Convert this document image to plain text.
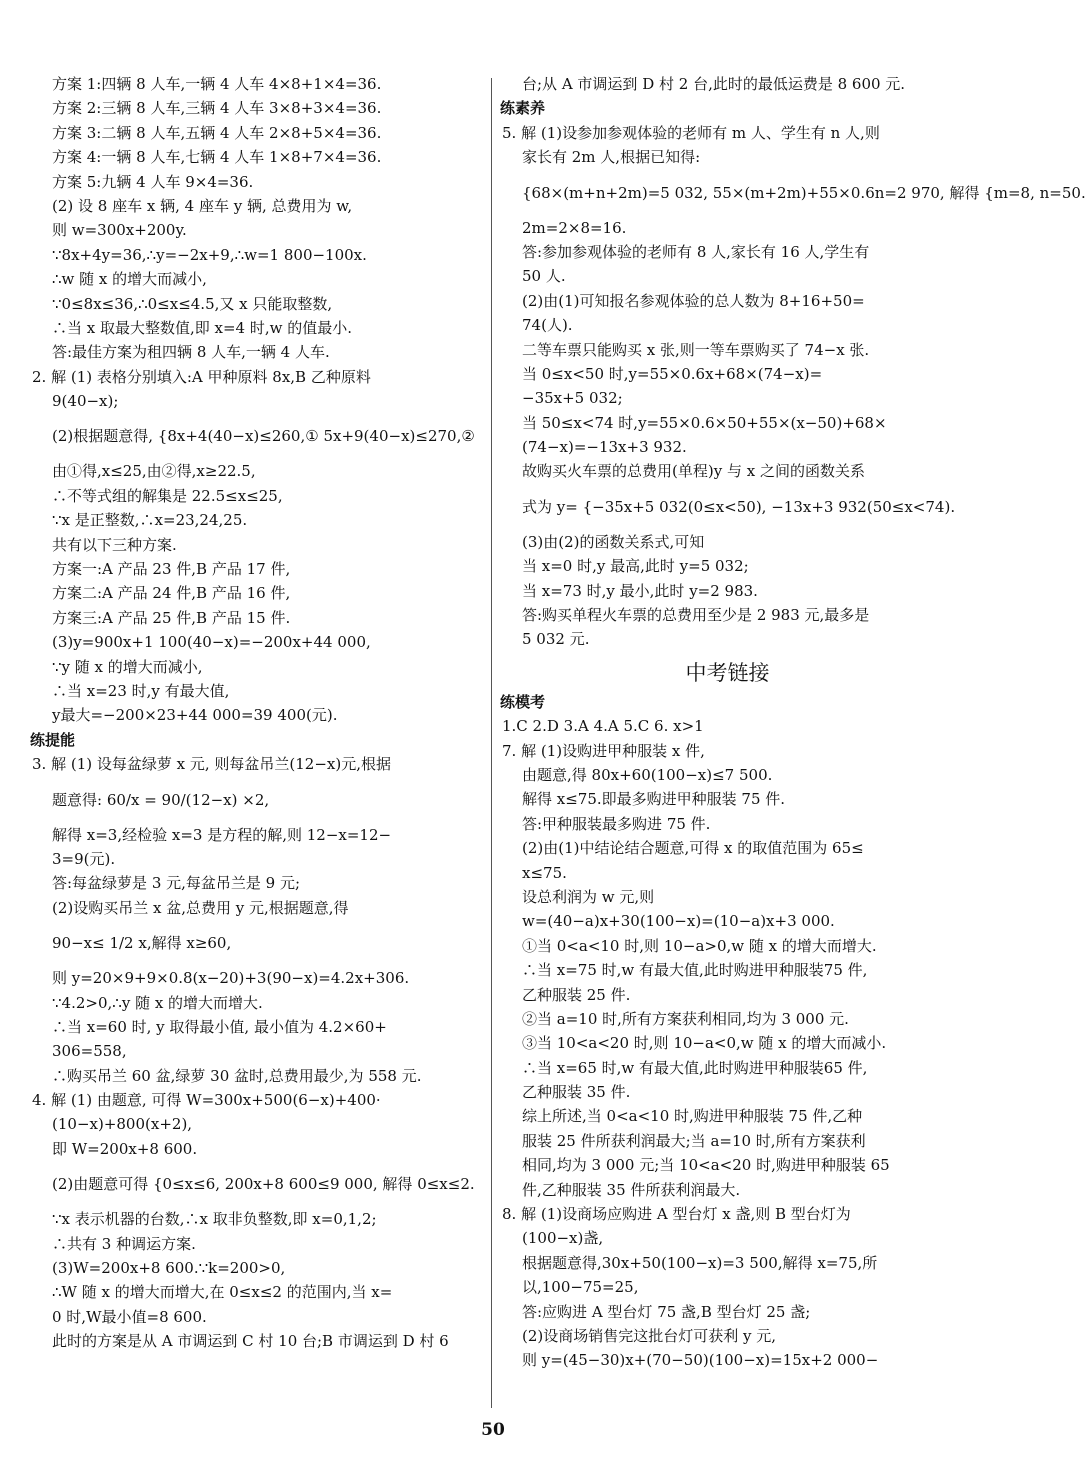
方案 1:四辆 8 人车,一辆 4 人车 4×8+1×4=36.
方案 2:三辆 8 人车,三辆 4 人车 3×8+3×4=36.
方案 3:二辆 8 人车,五辆 4 人车 2×8+5×4=36.
方案 4:一辆 8 人车,七辆 4 人车 1×8+7×4=36.
方案 5:九辆 4 人车 9×4=36.
(2) 设 8 座车 x 辆, 4 座车 y 辆, 总费用为 w,
则 w=300x+200y.
∵8x+4y=36,∴y=−2x+9,∴w=1 800−100x.
∴w 随 x 的增大而减小,
∵0≤8x≤36,∴0≤x≤4.5,又 x 只能取整数,
∴当 x 取最大整数值,即 x=4 时,w 的值最小.
答:最佳方案为租四辆 8 人车,一辆 4 人车.
2. 解 (1) 表格分别填入:A 甲种原料 8x,B 乙种原料
9(40−x);
(2)根据题意得, {8x+4(40−x)≤260,① 5x+9(40−x)≤270,②
由①得,x≤25,由②得,x≥22.5,
∴不等式组的解集是 22.5≤x≤25,
∵x 是正整数,∴x=23,24,25.
共有以下三种方案.
方案一:A 产品 23 件,B 产品 17 件,
方案二:A 产品 24 件,B 产品 16 件,
方案三:A 产品 25 件,B 产品 15 件.
(3)y=900x+1 100(40−x)=−200x+44 000,
∵y 随 x 的增大而减小,
∴当 x=23 时,y 有最大值,
y最大=−200×23+44 000=39 400(元).
练提能
3. 解 (1) 设每盆绿萝 x 元, 则每盆吊兰(12−x)元,根据
题意得: 60/x = 90/(12−x) ×2,
解得 x=3,经检验 x=3 是方程的解,则 12−x=12−
3=9(元).
答:每盆绿萝是 3 元,每盆吊兰是 9 元;
(2)设购买吊兰 x 盆,总费用 y 元,根据题意,得
90−x≤ 1/2 x,解得 x≥60,
则 y=20×9+9×0.8(x−20)+3(90−x)=4.2x+306.
∵4.2>0,∴y 随 x 的增大而增大.
∴当 x=60 时, y 取得最小值, 最小值为 4.2×60+
306=558,
∴购买吊兰 60 盆,绿萝 30 盆时,总费用最少,为 558 元.
4. 解 (1) 由题意, 可得 W=300x+500(6−x)+400·
(10−x)+800(x+2),
即 W=200x+8 600.
(2)由题意可得 {0≤x≤6, 200x+8 600≤9 000, 解得 0≤x≤2.
∵x 表示机器的台数,∴x 取非负整数,即 x=0,1,2;
∴共有 3 种调运方案.
(3)W=200x+8 600.∵k=200>0,
∴W 随 x 的增大而增大,在 0≤x≤2 的范围内,当 x=
0 时,W最小值=8 600.
此时的方案是从 A 市调运到 C 村 10 台;B 市调运到 D 村 6
台;从 A 市调运到 D 村 2 台,此时的最低运费是 8 600 元.
练素养
5. 解 (1)设参加参观体验的老师有 m 人、学生有 n 人,则
家长有 2m 人,根据已知得:
{68×(m+n+2m)=5 032, 55×(m+2m)+55×0.6n=2 970, 解得 {m=8, n=50.
2m=2×8=16.
答:参加参观体验的老师有 8 人,家长有 16 人,学生有
50 人.
(2)由(1)可知报名参观体验的总人数为 8+16+50=
74(人).
二等车票只能购买 x 张,则一等车票购买了 74−x 张.
当 0≤x<50 时,y=55×0.6x+68×(74−x)=
−35x+5 032;
当 50≤x<74 时,y=55×0.6×50+55×(x−50)+68×
(74−x)=−13x+3 932.
故购买火车票的总费用(单程)y 与 x 之间的函数关系
式为 y= {−35x+5 032(0≤x<50), −13x+3 932(50≤x<74).
(3)由(2)的函数关系式,可知
当 x=0 时,y 最高,此时 y=5 032;
当 x=73 时,y 最小,此时 y=2 983.
答:购买单程火车票的总费用至少是 2 983 元,最多是
5 032 元.
中考链接
练模考
1.C 2.D 3.A 4.A 5.C 6. x>1
7. 解 (1)设购进甲种服装 x 件,
由题意,得 80x+60(100−x)≤7 500.
解得 x≤75.即最多购进甲种服装 75 件.
答:甲种服装最多购进 75 件.
(2)由(1)中结论结合题意,可得 x 的取值范围为 65≤
x≤75.
设总利润为 w 元,则
w=(40−a)x+30(100−x)=(10−a)x+3 000.
①当 0<a<10 时,则 10−a>0,w 随 x 的增大而增大.
∴当 x=75 时,w 有最大值,此时购进甲种服装75 件,
乙种服装 25 件.
②当 a=10 时,所有方案获利相同,均为 3 000 元.
③当 10<a<20 时,则 10−a<0,w 随 x 的增大而减小.
∴当 x=65 时,w 有最大值,此时购进甲种服装65 件,
乙种服装 35 件.
综上所述,当 0<a<10 时,购进甲种服装 75 件,乙种
服装 25 件所获利润最大;当 a=10 时,所有方案获利
相同,均为 3 000 元;当 10<a<20 时,购进甲种服装 65
件,乙种服装 35 件所获利润最大.
8. 解 (1)设商场应购进 A 型台灯 x 盏,则 B 型台灯为
(100−x)盏,
根据题意得,30x+50(100−x)=3 500,解得 x=75,所
以,100−75=25,
答:应购进 A 型台灯 75 盏,B 型台灯 25 盏;
(2)设商场销售完这批台灯可获利 y 元,
则 y=(45−30)x+(70−50)(100−x)=15x+2 000−
50
